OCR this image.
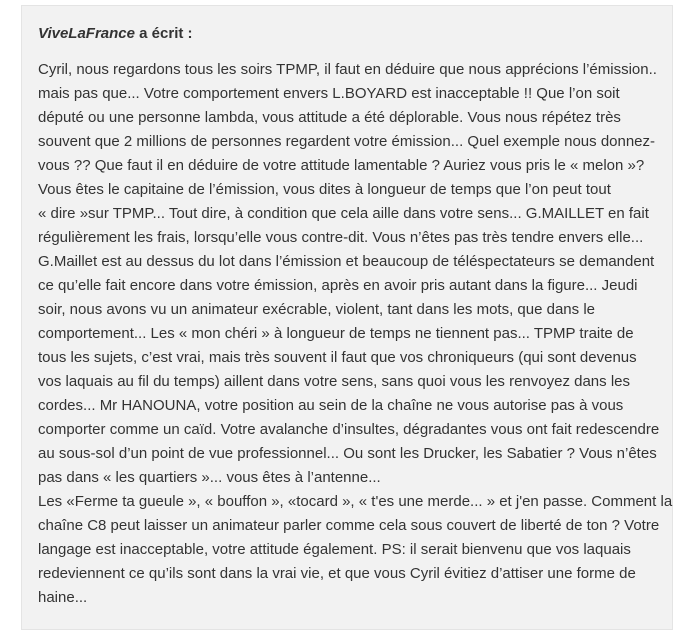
ViveLaFrance a écrit :
Cyril, nous regardons tous les soirs TPMP, il faut en déduire que nous apprécions l’émission..
mais pas que... Votre comportement envers L.BOYARD est inacceptable !! Que l’on soit
député ou une personne lambda, vous attitude a été déplorable. Vous nous répétez très
souvent que 2 millions de personnes regardent votre émission... Quel exemple nous donnez-
vous ?? Que faut il en déduire de votre attitude lamentable ? Auriez vous pris le « melon »?
Vous êtes le capitaine de l’émission, vous dites à longueur de temps que l’on peut tout
« dire »sur TPMP... Tout dire, à condition que cela aille dans votre sens... G.MAILLET en fait
régulièrement les frais, lorsqu’elle vous contre-dit. Vous n’êtes pas très tendre envers elle...
G.Maillet est au dessus du lot dans l’émission et beaucoup de téléspectateurs se demandent
ce qu’elle fait encore dans votre émission, après en avoir pris autant dans la figure... Jeudi
soir, nous avons vu un animateur exécrable, violent, tant dans les mots, que dans le
comportement... Les « mon chéri » à longueur de temps ne tiennent pas... TPMP traite de
tous les sujets, c’est vrai, mais très souvent il faut que vos chroniqueurs (qui sont devenus
vos laquais au fil du temps) aillent dans votre sens, sans quoi vous les renvoyez dans les
cordes... Mr HANOUNA, votre position au sein de la chaîne ne vous autorise pas à vous
comporter comme un caïd. Votre avalanche d’insultes, dégradantes vous ont fait redescendre
au sous-sol d’un point de vue professionnel... Ou sont les Drucker, les Sabatier ? Vous n’êtes
pas dans « les quartiers »... vous êtes à l’antenne...
Les «Ferme ta gueule », « bouffon », «tocard », « t'es une merde... » et j'en passe. Comment la
chaîne C8 peut laisser un animateur parler comme cela sous couvert de liberté de ton ? Votre
langage est inacceptable, votre attitude également. PS: il serait bienvenu que vos laquais
redeviennent ce qu’ils sont dans la vrai vie, et que vous Cyril évitiez d’attiser une forme de
haine...
